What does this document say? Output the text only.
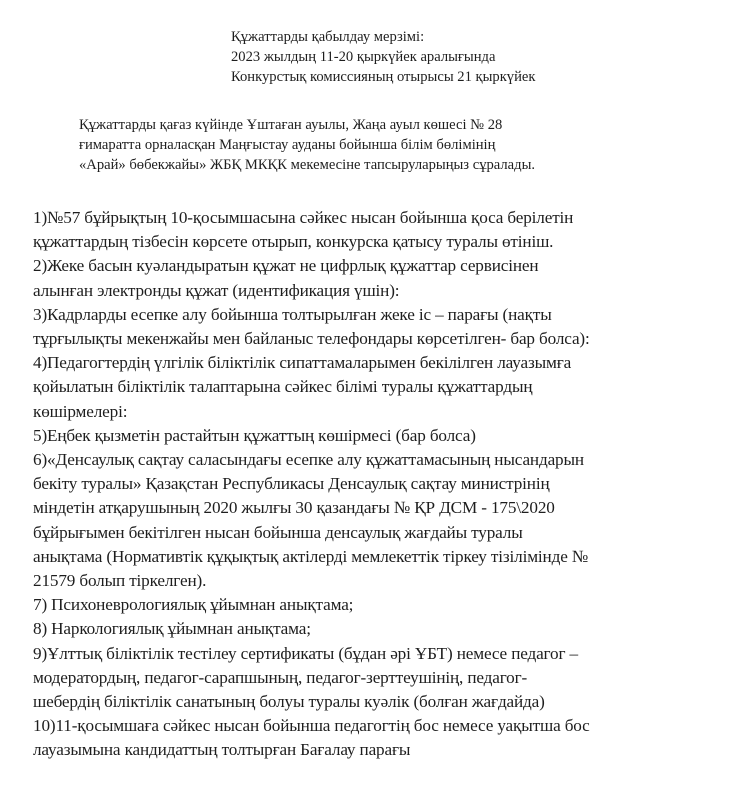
Құжаттарды қабылдау мерзімі:
2023 жылдың 11-20 қыркүйек аралығында
Конкурстық комиссияның отырысы 21 қыркүйек
Құжаттарды қағаз күйінде Ұштаған ауылы, Жаңа ауыл көшесі № 28
ғимаратта орналасқан Маңғыстау ауданы бойынша білім бөлімінің
«Арай» бөбекжайы» ЖБҚ МКҚК мекемесіне тапсыруларыңыз сұралады.
1)№57 бұйрықтың 10-қосымшасына сәйкес нысан бойынша қоса берілетін
құжаттардың тізбесін көрсете отырып, конкурска қатысу туралы өтініш.
2)Жеке басын куәландыратын құжат не цифрлық құжаттар сервисінен
алынған электронды құжат (идентификация үшін):
3)Кадрларды есепке алу бойынша толтырылған жеке іс – парағы (нақты
тұрғылықты мекенжайы мен байланыс телефондары көрсетілген- бар болса):
4)Педагогтердің үлгілік біліктілік сипаттамаларымен бекілілген лауазымға
қойылатын біліктілік талаптарына сәйкес білімі туралы құжаттардың
көшірмелері:
5)Еңбек қызметін растайтын құжаттың көшірмесі (бар болса)
6)«Денсаулық сақтау саласындағы есепке алу құжаттамасының нысандарын
бекіту туралы» Қазақстан Республикасы Денсаулық сақтау министрінің
міндетін атқарушының 2020 жылғы 30 қазандағы № ҚР ДСМ - 175\2020
бұйрығымен бекітілген нысан бойынша денсаулық жағдайы туралы
анықтама (Нормативтік құқықтық актілерді мемлекеттік тіркеу тізілімінде №
21579 болып тіркелген).
7) Психоневрологиялық ұйымнан анықтама;
8) Наркологиялық ұйымнан анықтама;
9)Ұлттық біліктілік тестілеу сертификаты (бұдан әрі ҰБТ) немесе педагог –
модератордың, педагог-сарапшының, педагог-зерттеушінің, педагог-
шебердің біліктілік санатының болуы туралы куәлік (болған жағдайда)
10)11-қосымшаға сәйкес нысан бойынша педагогтің бос немесе уақытша бос
лауазымына кандидаттың толтырған Бағалау парағы
